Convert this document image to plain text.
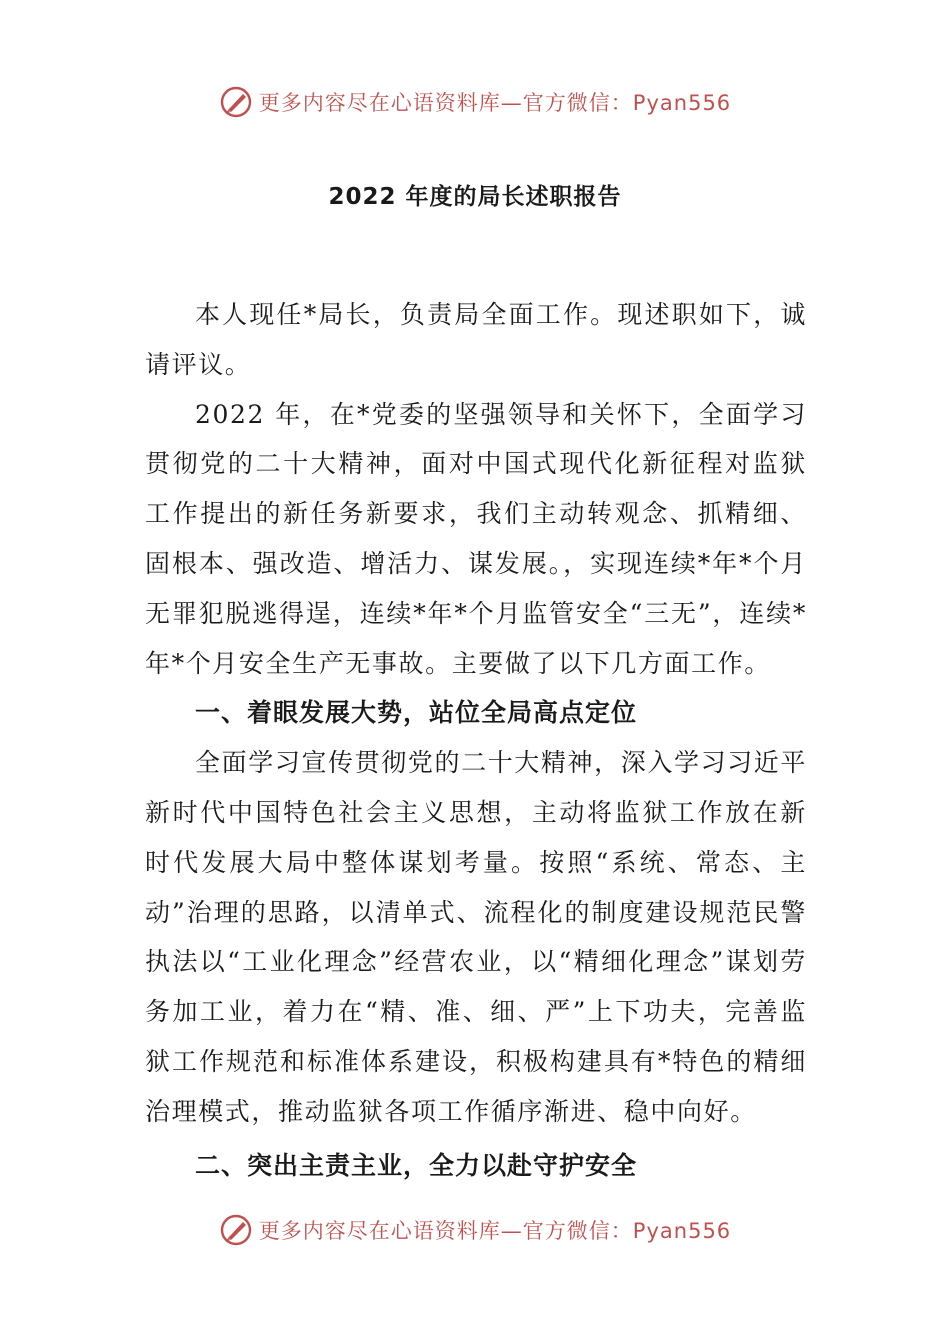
更多内容尽在心语资料库—官方微信：Pyan556
2022 年度的局长述职报告

本人现任*局长，负责局全面工作。现述职如下，诚请评议。

2022 年，在*党委的坚强领导和关怀下，全面学习贯彻党的二十大精神，面对中国式现代化新征程对监狱工作提出的新任务新要求，我们主动转观念、抓精细、固根本、强改造、增活力、谋发展。，实现连续*年*个月无罪犯脱逃得逞，连续*年*个月监管安全“三无”，连续*年*个月安全生产无事故。主要做了以下几方面工作。

一、着眼发展大势，站位全局高点定位

全面学习宣传贯彻党的二十大精神，深入学习习近平新时代中国特色社会主义思想，主动将监狱工作放在新时代发展大局中整体谋划考量。按照“系统、常态、主动”治理的思路，以清单式、流程化的制度建设规范民警执法以“工业化理念”经营农业，以“精细化理念”谋划劳务加工业，着力在“精、准、细、严”上下功夫，完善监狱工作规范和标准体系建设，积极构建具有*特色的精细治理模式，推动监狱各项工作循序渐进、稳中向好。

二、突出主责主业，全力以赴守护安全

更多内容尽在心语资料库—官方微信：Pyan556
